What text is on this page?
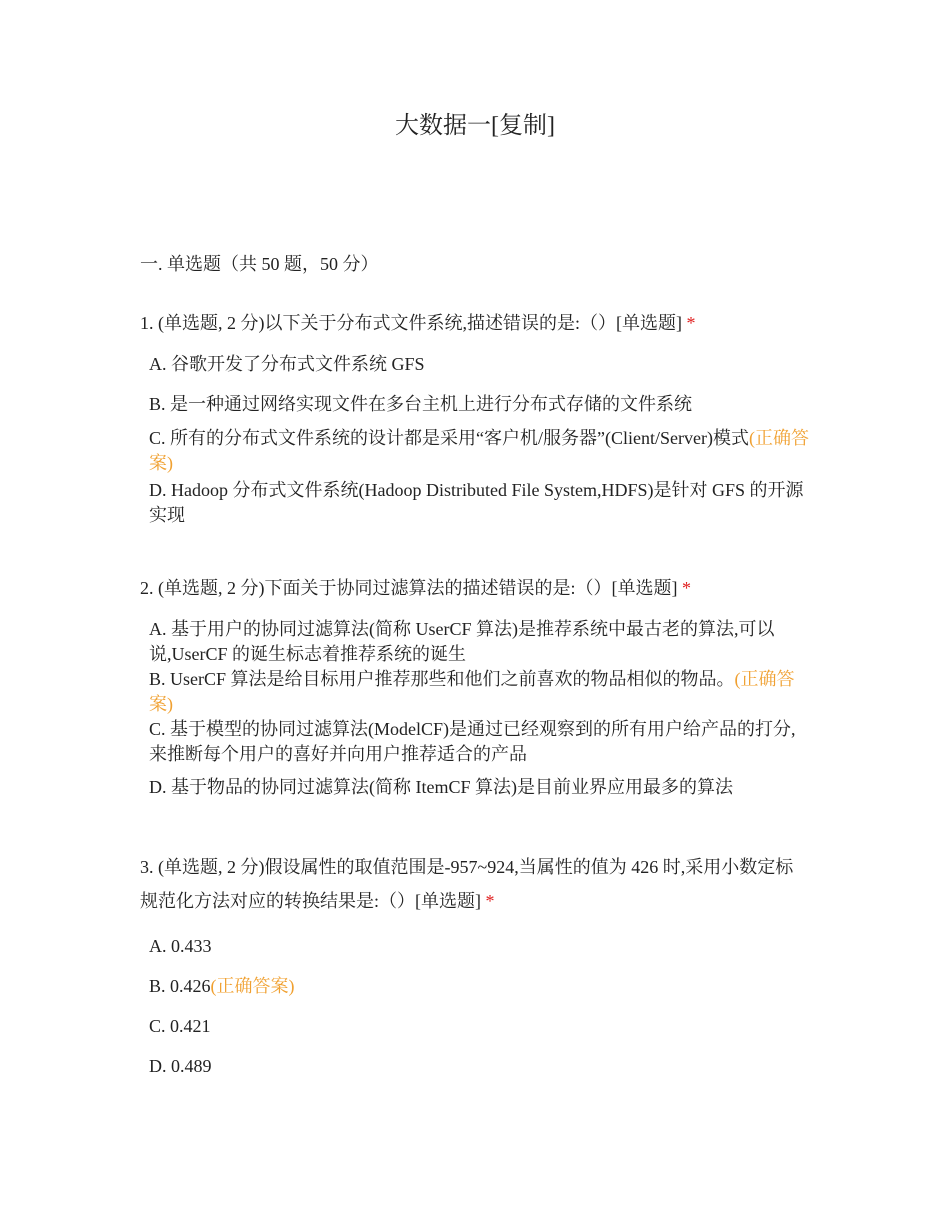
大数据一[复制]
一. 单选题（共 50 题，50 分）

1. (单选题, 2 分)以下关于分布式文件系统,描述错误的是:（）[单选题] *

A. 谷歌开发了分布式文件系统 GFS
B. 是一种通过网络实现文件在多台主机上进行分布式存储的文件系统
C. 所有的分布式文件系统的设计都是采用“客户机/服务器”(Client/Server)模式(正确答案)
D. Hadoop 分布式文件系统(Hadoop Distributed File System,HDFS)是针对 GFS 的开源实现

2. (单选题, 2 分)下面关于协同过滤算法的描述错误的是:（）[单选题] *

A. 基于用户的协同过滤算法(简称 UserCF 算法)是推荐系统中最古老的算法,可以说,UserCF 的诞生标志着推荐系统的诞生
B. UserCF 算法是给目标用户推荐那些和他们之前喜欢的物品相似的物品。(正确答案)
C. 基于模型的协同过滤算法(ModelCF)是通过已经观察到的所有用户给产品的打分,来推断每个用户的喜好并向用户推荐适合的产品
D. 基于物品的协同过滤算法(简称 ItemCF 算法)是目前业界应用最多的算法

3. (单选题, 2 分)假设属性的取值范围是-957~924,当属性的值为 426 时,采用小数定标规范化方法对应的转换结果是:（）[单选题] *

A. 0.433
B. 0.426(正确答案)
C. 0.421
D. 0.489
